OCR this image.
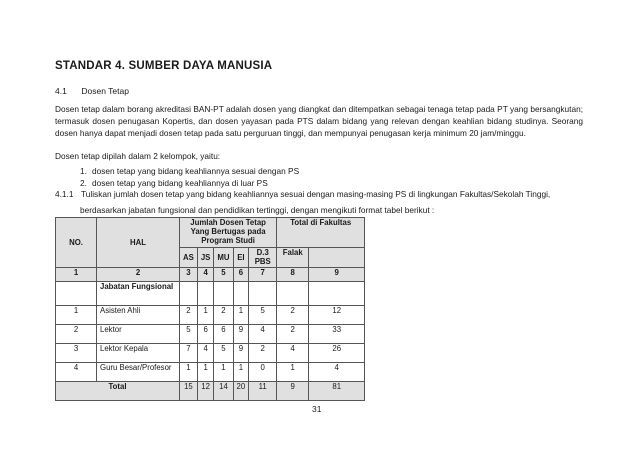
STANDAR 4. SUMBER DAYA MANUSIA
4.1 Dosen Tetap
Dosen tetap dalam borang akreditasi BAN-PT adalah dosen yang diangkat dan ditempatkan sebagai tenaga tetap pada PT yang bersangkutan; termasuk dosen penugasan Kopertis, dan dosen yayasan pada PTS dalam bidang yang relevan dengan keahlian bidang studinya. Seorang dosen hanya dapat menjadi dosen tetap pada satu perguruan tinggi, dan mempunyai penugasan kerja minimum 20 jam/minggu.
Dosen tetap dipilah dalam 2 kelompok, yaitu:
1. dosen tetap yang bidang keahliannya sesuai dengan PS
2. dosen tetap yang bidang keahliannya di luar PS
4.1.1 Tuliskan jumlah dosen tetap yang bidang keahliannya sesuai dengan masing-masing PS di lingkungan Fakultas/Sekolah Tinggi,
berdasarkan jabatan fungsional dan pendidikan tertinggi, dengan mengikuti format tabel berikut :
NO.	HAL	Jumlah Dosen Tetap Yang Bertugas pada Program Studi					Total di Fakultas	
		AS	JS	MU	EI	D.3 PBS	Falak	
1	2	3	4	5	6	7	8	9
	Jabatan Fungsional							
1	Asisten Ahli	2	1	2	1	5	2	12
2	Lektor	5	6	6	9	4	2	33
3	Lektor Kepala	7	4	5	9	2	4	26
4	Guru Besar/Profesor	1	1	1	1	0	1	4
Total		15	12	14	20	11	9	81
31
